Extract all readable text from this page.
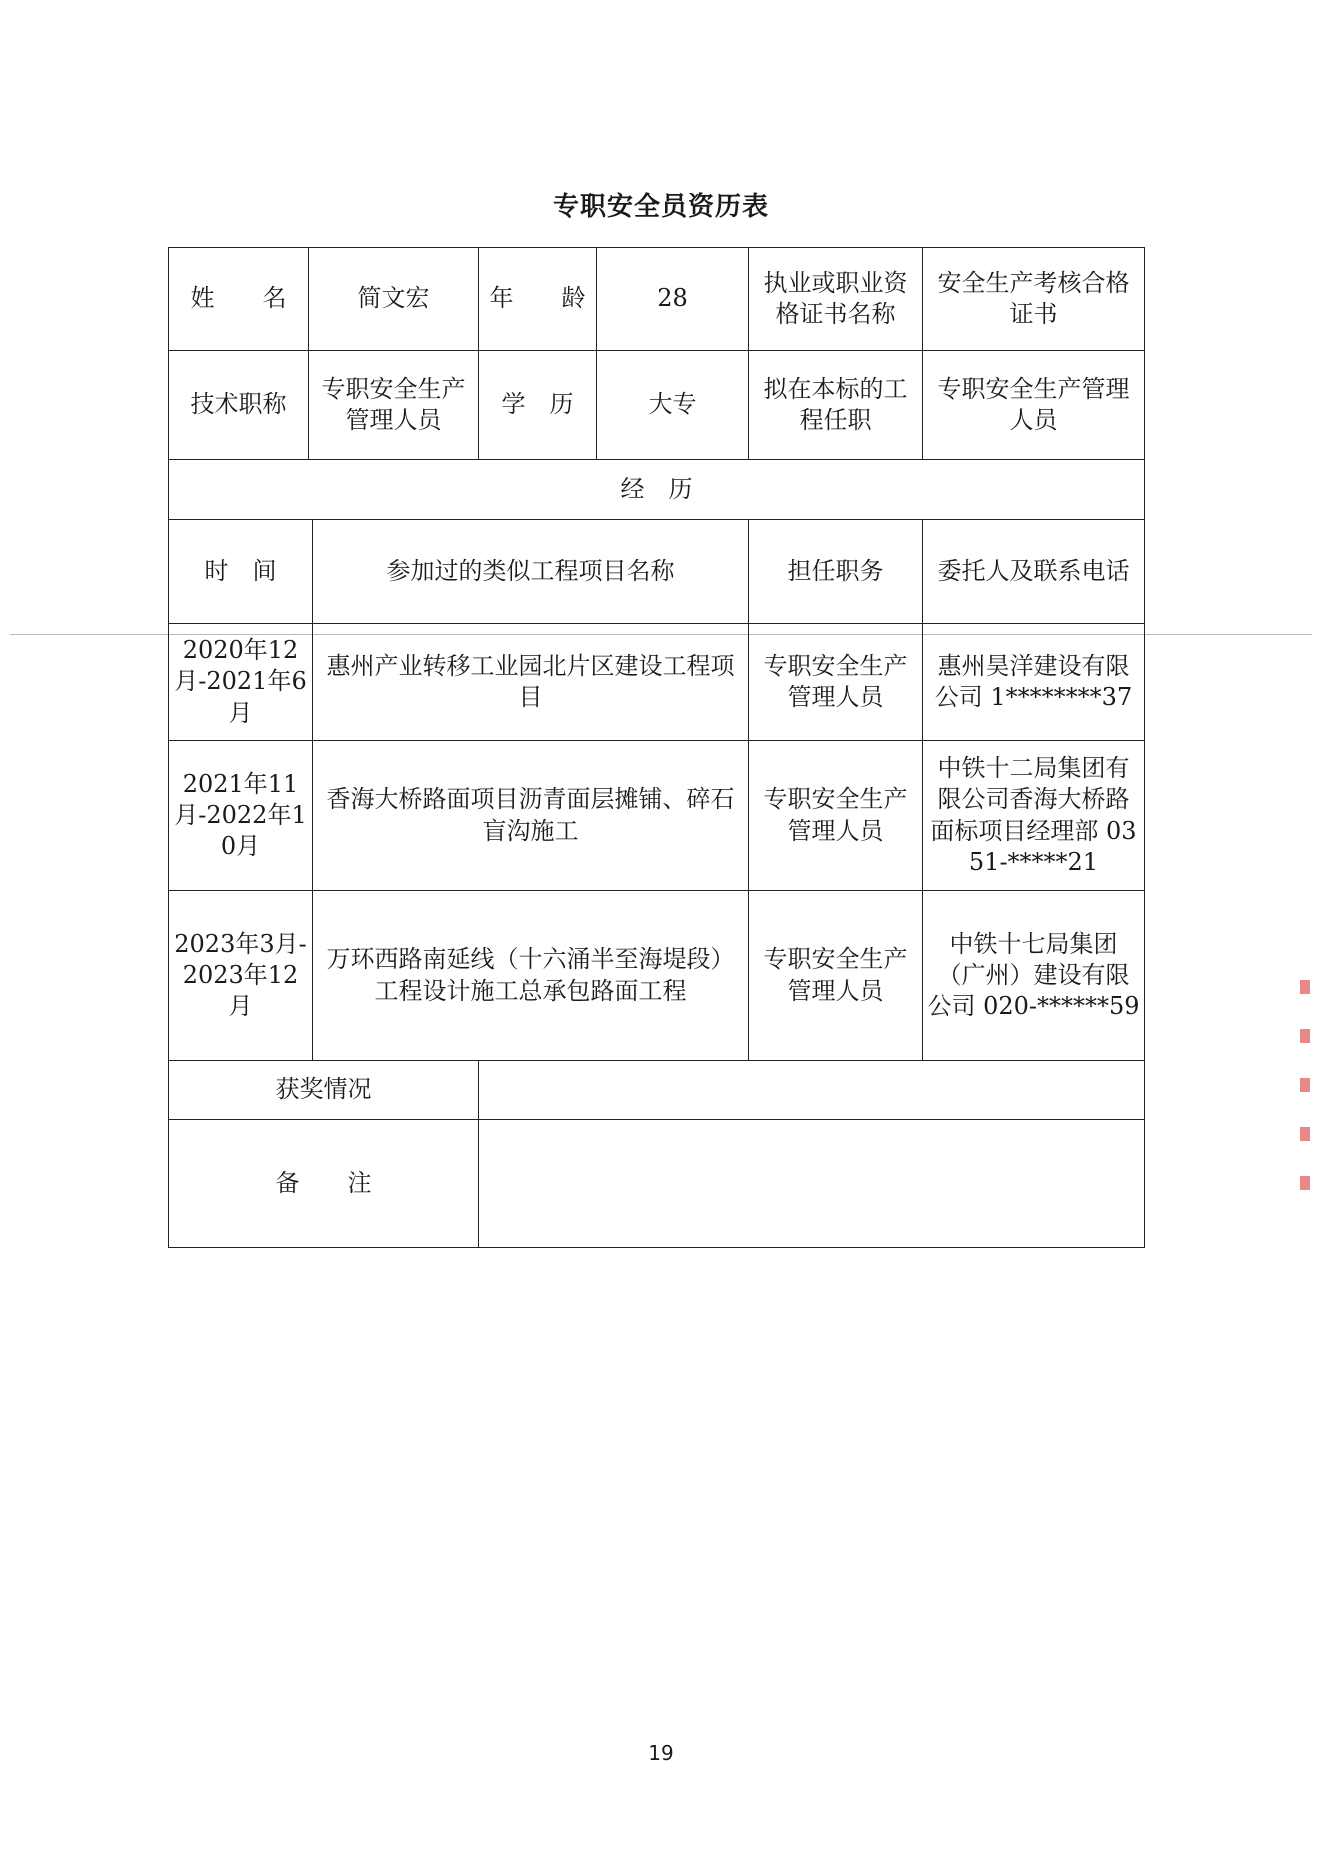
专职安全员资历表
姓　　名	简文宏		年　　龄	28	执业或职业资格证书名称	安全生产考核合格证书
技术职称	专职安全生产管理人员		学　历	大专	拟在本标的工程任职	专职安全生产管理人员
经　历						
时　间		参加过的类似工程项目名称			担任职务	委托人及联系电话
2020年12月-2021年6月		惠州产业转移工业园北片区建设工程项目			专职安全生产管理人员	惠州昊洋建设有限公司 1********37
2021年11月-2022年10月		香海大桥路面项目沥青面层摊铺、碎石盲沟施工			专职安全生产管理人员	中铁十二局集团有限公司香海大桥路面标项目经理部 0351-*****21
2023年3月-2023年12月		万环西路南延线（十六涌半至海堤段）工程设计施工总承包路面工程			专职安全生产管理人员	中铁十七局集团（广州）建设有限公司 020-******59
获奖情况						
备　　注						
19
